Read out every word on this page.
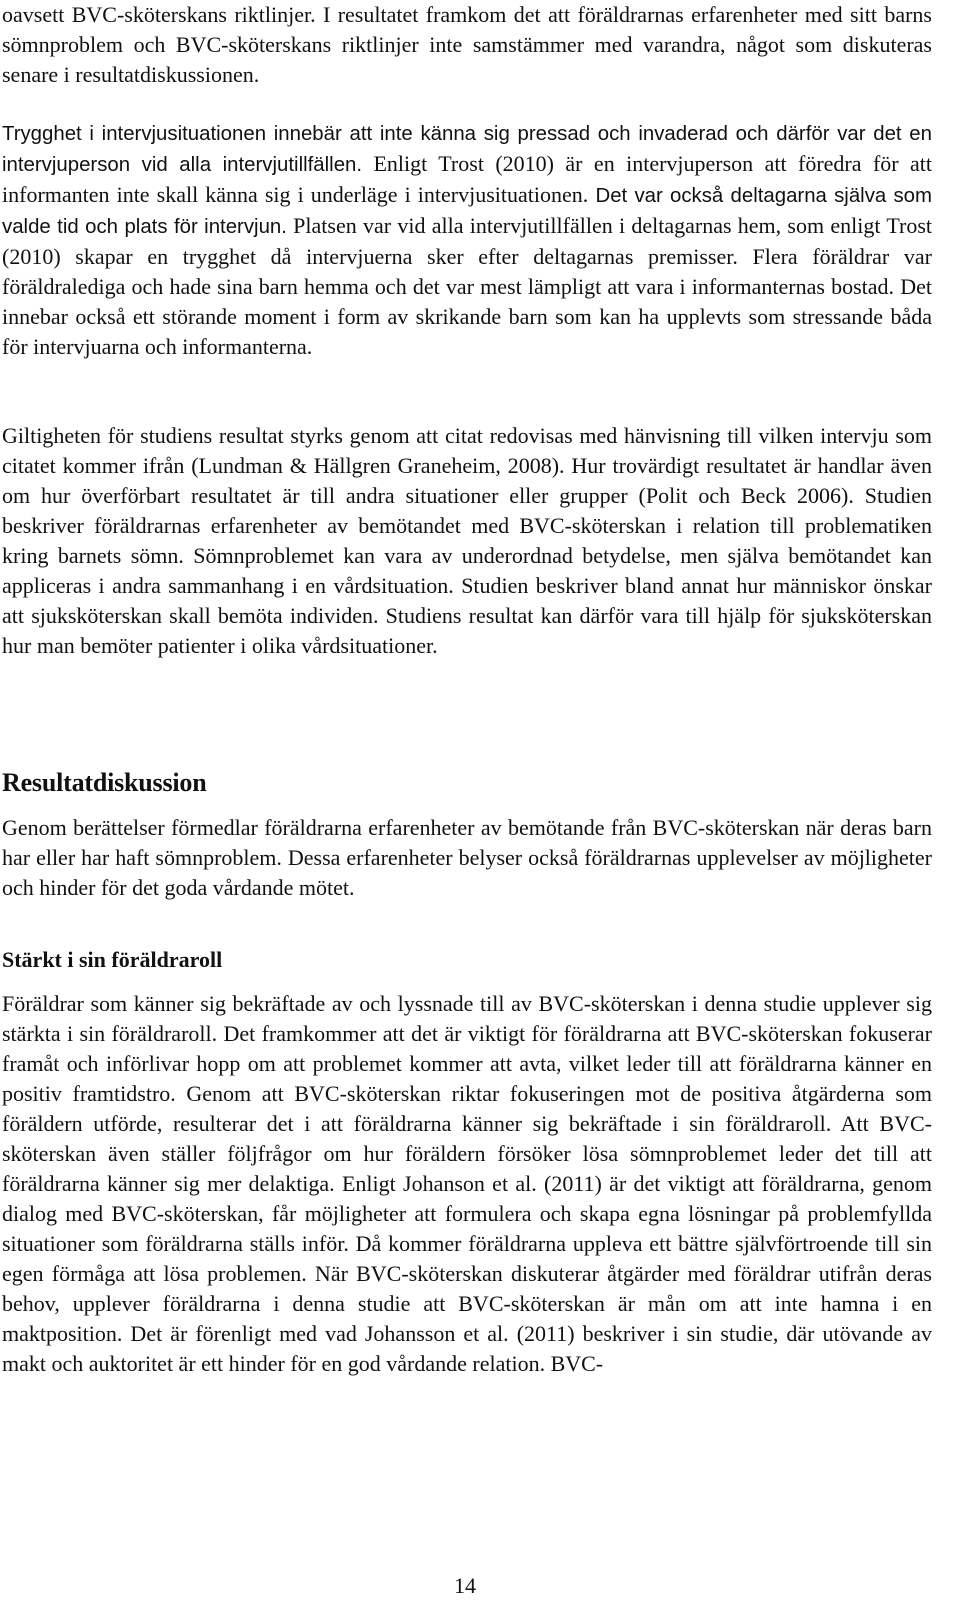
oavsett BVC-sköterskans riktlinjer. I resultatet framkom det att föräldrarnas erfarenheter med sitt barns sömnproblem och BVC-sköterskans riktlinjer inte samstämmer med varandra, något som diskuteras senare i resultatdiskussionen.

Trygghet i intervjusituationen innebär att inte känna sig pressad och invaderad och därför var det en intervjuperson vid alla intervjutillfällen. Enligt Trost (2010) är en intervjuperson att föredra för att informanten inte skall känna sig i underläge i intervjusituationen. Det var också deltagarna själva som valde tid och plats för intervjun. Platsen var vid alla intervjutillfällen i deltagarnas hem, som enligt Trost (2010) skapar en trygghet då intervjuerna sker efter deltagarnas premisser. Flera föräldrar var föräldralediga och hade sina barn hemma och det var mest lämpligt att vara i informanternas bostad. Det innebar också ett störande moment i form av skrikande barn som kan ha upplevts som stressande båda för intervjuarna och informanterna.

Giltigheten för studiens resultat styrks genom att citat redovisas med hänvisning till vilken intervju som citatet kommer ifrån (Lundman & Hällgren Graneheim, 2008). Hur trovärdigt resultatet är handlar även om hur överförbart resultatet är till andra situationer eller grupper (Polit och Beck 2006). Studien beskriver föräldrarnas erfarenheter av bemötandet med BVC-sköterskan i relation till problematiken kring barnets sömn. Sömnproblemet kan vara av underordnad betydelse, men själva bemötandet kan appliceras i andra sammanhang i en vårdsituation. Studien beskriver bland annat hur människor önskar att sjuksköterskan skall bemöta individen. Studiens resultat kan därför vara till hjälp för sjuksköterskan hur man bemöter patienter i olika vårdsituationer.

Resultatdiskussion

Genom berättelser förmedlar föräldrarna erfarenheter av bemötande från BVC-sköterskan när deras barn har eller har haft sömnproblem. Dessa erfarenheter belyser också föräldrarnas upplevelser av möjligheter och hinder för det goda vårdande mötet.

Stärkt i sin föräldraroll

Föräldrar som känner sig bekräftade av och lyssnade till av BVC-sköterskan i denna studie upplever sig stärkta i sin föräldraroll. Det framkommer att det är viktigt för föräldrarna att BVC-sköterskan fokuserar framåt och införlivar hopp om att problemet kommer att avta, vilket leder till att föräldrarna känner en positiv framtidstro. Genom att BVC-sköterskan riktar fokuseringen mot de positiva åtgärderna som föräldern utförde, resulterar det i att föräldrarna känner sig bekräftade i sin föräldraroll. Att BVC-sköterskan även ställer följfrågor om hur föräldern försöker lösa sömnproblemet leder det till att föräldrarna känner sig mer delaktiga. Enligt Johanson et al. (2011) är det viktigt att föräldrarna, genom dialog med BVC-sköterskan, får möjligheter att formulera och skapa egna lösningar på problemfyllda situationer som föräldrarna ställs inför. Då kommer föräldrarna uppleva ett bättre självförtroende till sin egen förmåga att lösa problemen. När BVC-sköterskan diskuterar åtgärder med föräldrar utifrån deras behov, upplever föräldrarna i denna studie att BVC-sköterskan är mån om att inte hamna i en maktposition. Det är förenligt med vad Johansson et al. (2011) beskriver i sin studie, där utövande av makt och auktoritet är ett hinder för en god vårdande relation. BVC-

14
